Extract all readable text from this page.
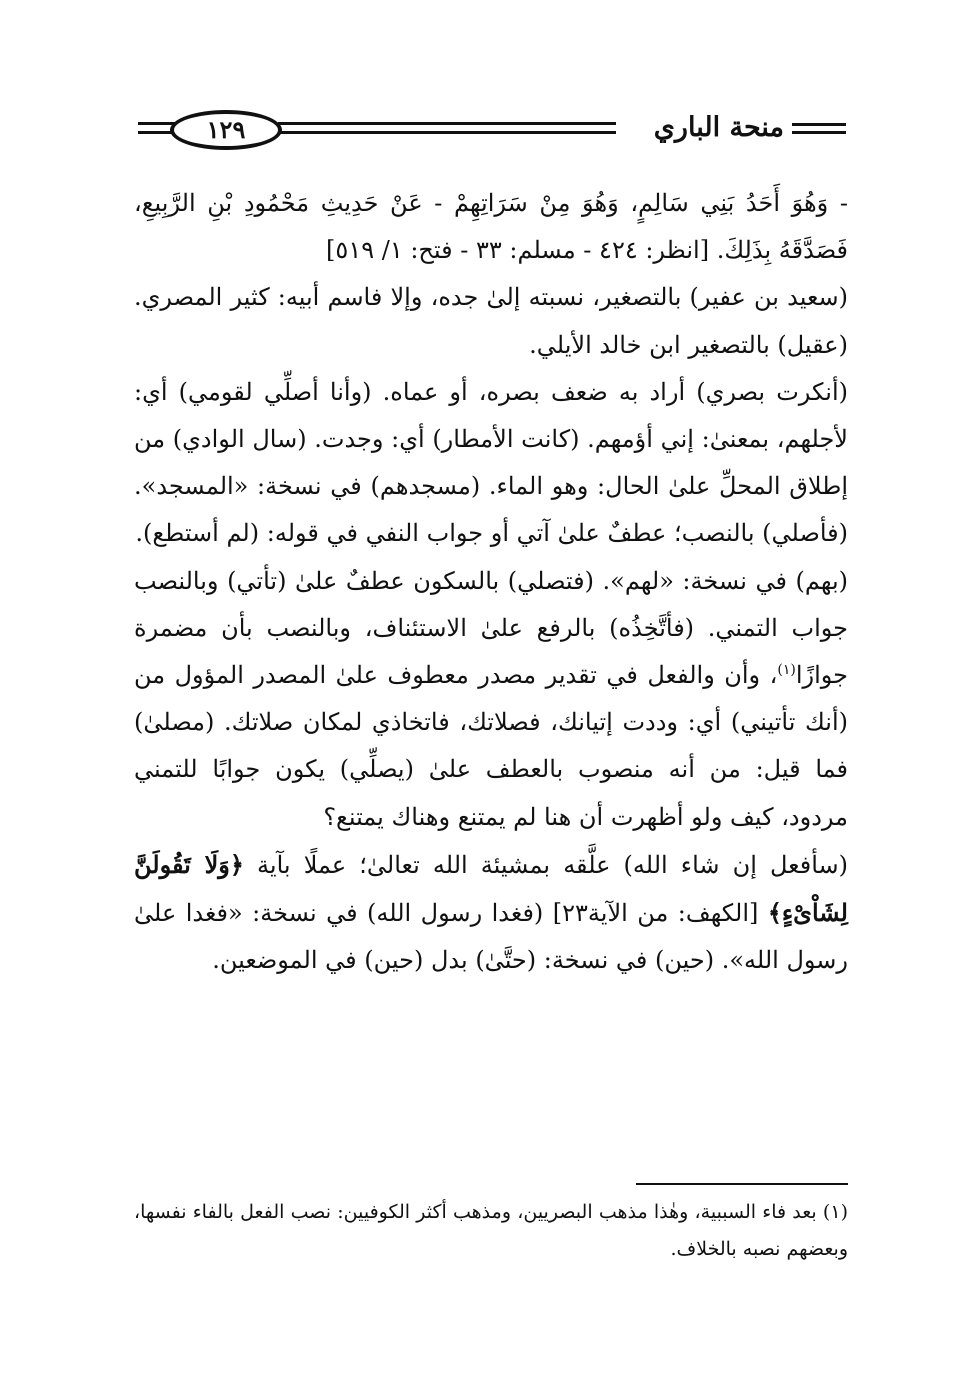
منحة الباري
١٢٩

- وَهُوَ أَحَدُ بَنِي سَالِمٍ، وَهُوَ مِنْ سَرَاتِهِمْ - عَنْ حَدِيثِ مَحْمُودِ بْنِ الرَّبِيعِ، فَصَدَّقَهُ بِذَلِكَ. [انظر: ٤٢٤ - مسلم: ٣٣ - فتح: ١/ ٥١٩]

(سعيد بن عفير) بالتصغير، نسبته إلىٰ جده، وإلا فاسم أبيه: كثير المصري. (عقيل) بالتصغير ابن خالد الأيلي.

(أنكرت بصري) أراد به ضعف بصره، أو عماه. (وأنا أصلِّي لقومي) أي: لأجلهم، بمعنىٰ: إني أؤمهم. (كانت الأمطار) أي: وجدت. (سال الوادي) من إطلاق المحلِّ علىٰ الحال: وهو الماء. (مسجدهم) في نسخة: «المسجد». (فأصلي) بالنصب؛ عطفٌ علىٰ آتي أو جواب النفي في قوله: (لم أستطع).

(بهم) في نسخة: «لهم». (فتصلي) بالسكون عطفٌ علىٰ (تأتي) وبالنصب جواب التمني. (فأتَّخِذُه) بالرفع علىٰ الاستئناف، وبالنصب بأن مضمرة جوازًا$^{(١)}$، وأن والفعل في تقدير مصدر معطوف علىٰ المصدر المؤول من (أنك تأتيني) أي: وددت إتيانك، فصلاتك، فاتخاذي لمكان صلاتك. (مصلىٰ) فما قيل: من أنه منصوب بالعطف علىٰ (يصلِّي) يكون جوابًا للتمني مردود، كيف ولو أظهرت أن هنا لم يمتنع وهناك يمتنع؟

(سأفعل إن شاء الله) علَّقه بمشيئة الله تعالىٰ؛ عملًا بآية ﴿وَلَا تَقُولَنَّ لِشَاْىْءٍ﴾ [الكهف: من الآية٢٣] (فغدا رسول الله) في نسخة: «فغدا علىٰ رسول الله». (حين) في نسخة: (حتَّىٰ) بدل (حين) في الموضعين.

(١) بعد فاء السببية، وهٰذا مذهب البصريين، ومذهب أكثر الكوفيين: نصب الفعل بالفاء نفسها، وبعضهم نصبه بالخلاف.
